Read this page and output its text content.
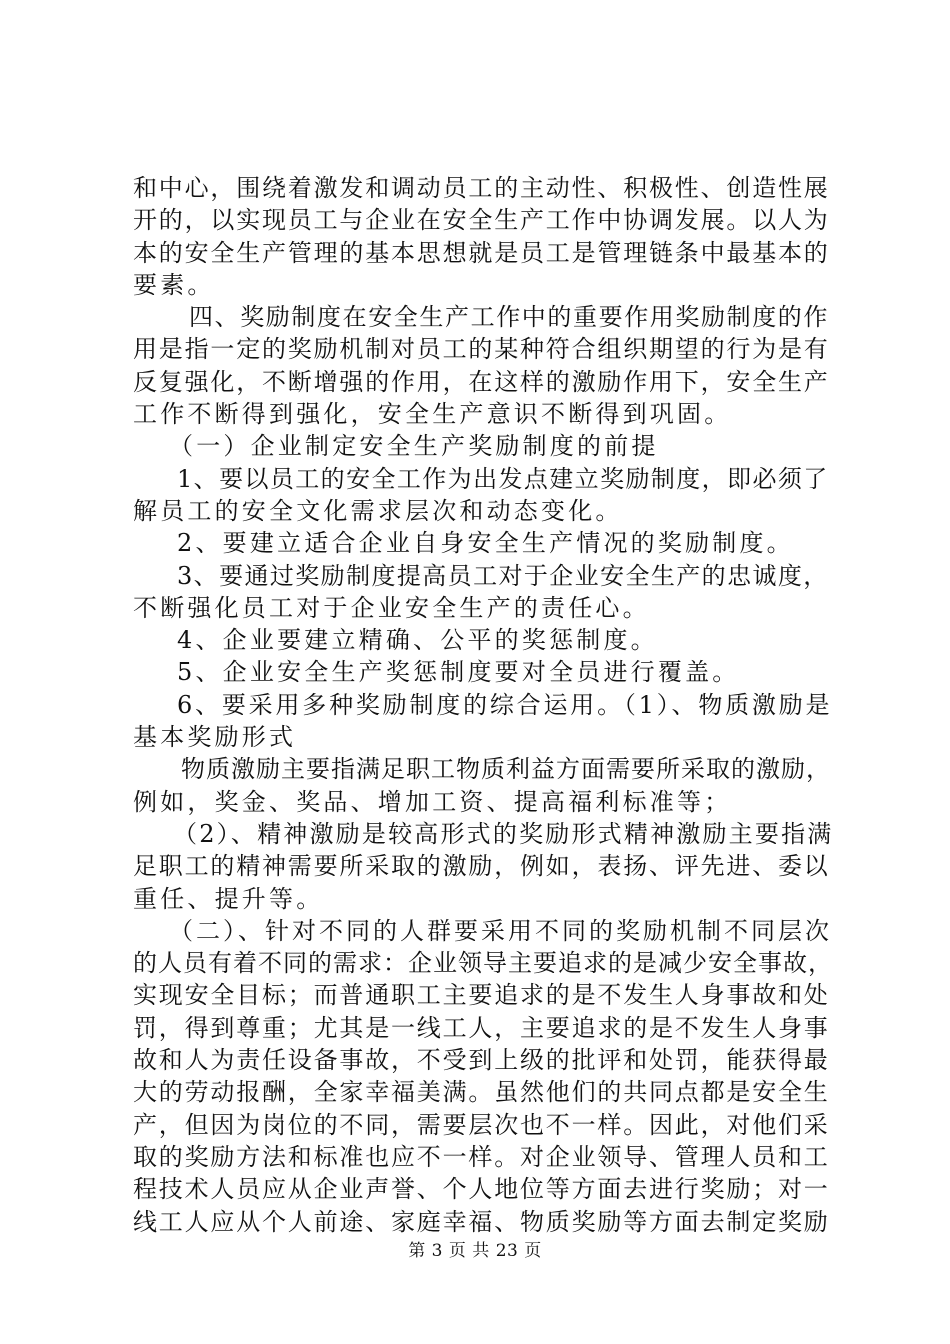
和中心，围绕着激发和调动员工的主动性、积极性、创造性展
开的，以实现员工与企业在安全生产工作中协调发展。以人为
本的安全生产管理的基本思想就是员工是管理链条中最基本的
要素。
四、奖励制度在安全生产工作中的重要作用奖励制度的作
用是指一定的奖励机制对员工的某种符合组织期望的行为是有
反复强化，不断增强的作用，在这样的激励作用下，安全生产
工作不断得到强化，安全生产意识不断得到巩固。
（一）企业制定安全生产奖励制度的前提
1、要以员工的安全工作为出发点建立奖励制度，即必须了
解员工的安全文化需求层次和动态变化。
2、要建立适合企业自身安全生产情况的奖励制度。
3、要通过奖励制度提高员工对于企业安全生产的忠诚度，
不断强化员工对于企业安全生产的责任心。
4、企业要建立精确、公平的奖惩制度。
5、企业安全生产奖惩制度要对全员进行覆盖。
6、要采用多种奖励制度的综合运用。（1）、物质激励是
基本奖励形式
物质激励主要指满足职工物质利益方面需要所采取的激励，
例如，奖金、奖品、增加工资、提高福利标准等；
（2）、精神激励是较高形式的奖励形式精神激励主要指满
足职工的精神需要所采取的激励，例如，表扬、评先进、委以
重任、提升等。
（二）、针对不同的人群要采用不同的奖励机制不同层次
的人员有着不同的需求：企业领导主要追求的是减少安全事故，
实现安全目标；而普通职工主要追求的是不发生人身事故和处
罚，得到尊重；尤其是一线工人，主要追求的是不发生人身事
故和人为责任设备事故，不受到上级的批评和处罚，能获得最
大的劳动报酬，全家幸福美满。虽然他们的共同点都是安全生
产，但因为岗位的不同，需要层次也不一样。因此，对他们采
取的奖励方法和标准也应不一样。对企业领导、管理人员和工
程技术人员应从企业声誉、个人地位等方面去进行奖励；对一
线工人应从个人前途、家庭幸福、物质奖励等方面去制定奖励
第 3 页 共 23 页
